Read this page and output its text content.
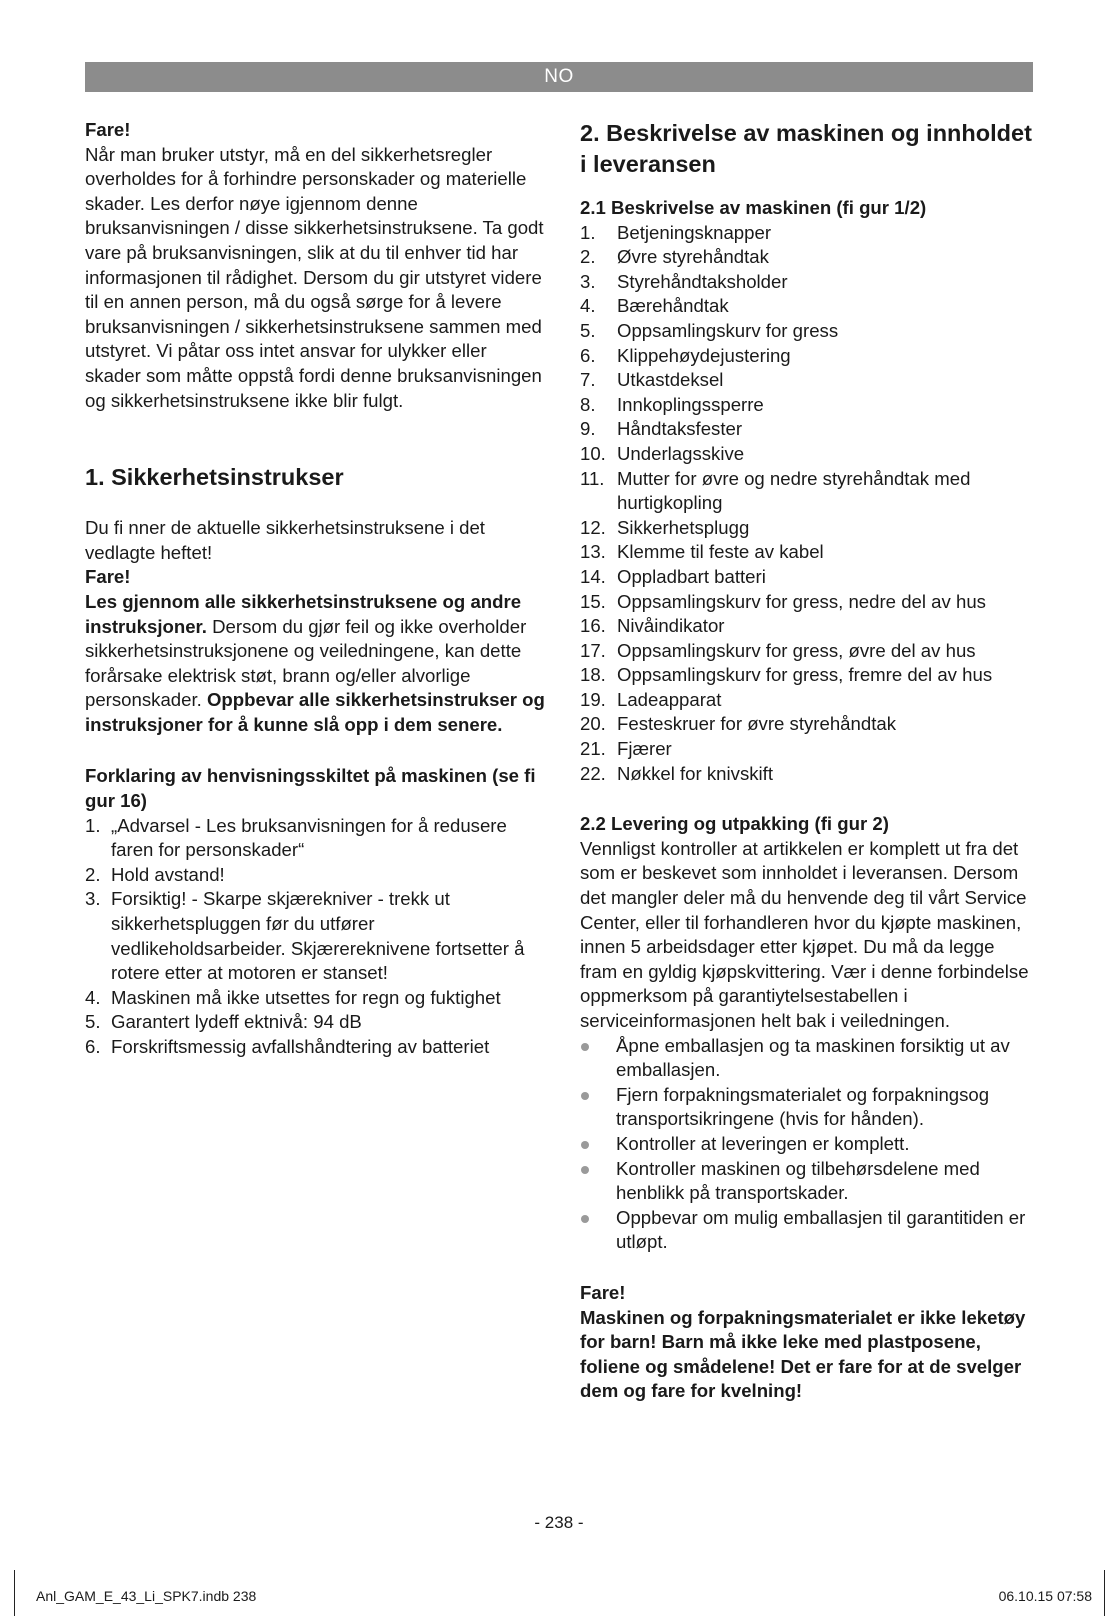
NO

Fare!

Når man bruker utstyr, må en del sikkerhetsregler overholdes for å forhindre personskader og materielle skader. Les derfor nøye igjennom denne bruksanvisningen / disse sikkerhetsinstruksene. Ta godt vare på bruksanvisningen, slik at du til enhver tid har informasjonen til rådighet. Dersom du gir utstyret videre til en annen person, må du også sørge for å levere bruksanvisningen / sikkerhetsinstruksene sammen med utstyret. Vi påtar oss intet ansvar for ulykker eller skader som måtte oppstå fordi denne bruksanvisningen og sikkerhetsinstruksene ikke blir fulgt.

1. Sikkerhetsinstrukser

Du fi nner de aktuelle sikkerhetsinstruksene i det vedlagte heftet!

Fare!

Les gjennom alle sikkerhetsinstruksene og andre instruksjoner. Dersom du gjør feil og ikke overholder sikkerhetsinstruksjonene og veiledningene, kan dette forårsake elektrisk støt, brann og/eller alvorlige personskader. Oppbevar alle sikkerhetsinstrukser og instruksjoner for å kunne slå opp i dem senere.

Forklaring av henvisningsskiltet på maskinen (se fi gur 16)
1. „Advarsel - Les bruksanvisningen for å redusere faren for personskader“
2. Hold avstand!
3. Forsiktig! - Skarpe skjærekniver - trekk ut sikkerhetspluggen før du utfører vedlikeholdsarbeider. Skjærereknivene fortsetter å rotere etter at motoren er stanset!
4. Maskinen må ikke utsettes for regn og fuktighet
5. Garantert lydeff ektnivå: 94 dB
6. Forskriftsmessig avfallshåndtering av batteriet
2. Beskrivelse av maskinen og innholdet i leveransen
2.1 Beskrivelse av maskinen (fi gur 1/2)
1. Betjeningsknapper
2. Øvre styrehåndtak
3. Styrehåndtaksholder
4. Bærehåndtak
5. Oppsamlingskurv for gress
6. Klippehøydejustering
7. Utkastdeksel
8. Innkoplingssperre
9. Håndtaksfester
10. Underlagsskive
11. Mutter for øvre og nedre styrehåndtak med hurtigkopling
12. Sikkerhetsplugg
13. Klemme til feste av kabel
14. Oppladbart batteri
15. Oppsamlingskurv for gress, nedre del av hus
16. Nivåindikator
17. Oppsamlingskurv for gress, øvre del av hus
18. Oppsamlingskurv for gress, fremre del av hus
19. Ladeapparat
20. Festeskruer for øvre styrehåndtak
21. Fjærer
22. Nøkkel for knivskift
2.2 Levering og utpakking (fi gur 2)

Vennligst kontroller at artikkelen er komplett ut fra det som er beskevet som innholdet i leveransen. Dersom det mangler deler må du henvende deg til vårt Service Center, eller til forhandleren hvor du kjøpte maskinen, innen 5 arbeidsdager etter kjøpet. Du må da legge fram en gyldig kjøpskvittering. Vær i denne forbindelse oppmerksom på garantiytelsestabellen i serviceinformasjonen helt bak i veiledningen.

Åpne emballasjen og ta maskinen forsiktig ut av emballasjen.
Fjern forpakningsmaterialet og forpakningsog transportsikringene (hvis for hånden).
Kontroller at leveringen er komplett.
Kontroller maskinen og tilbehørsdelene med henblikk på transportskader.
Oppbevar om mulig emballasjen til garantitiden er utløpt.

Fare!

Maskinen og forpakningsmaterialet er ikke leketøy for barn! Barn må ikke leke med plastposene, foliene og smådelene! Det er fare for at de svelger dem og fare for kvelning!

- 238 -
Anl_GAM_E_43_Li_SPK7.indb 238	06.10.15 07:58
